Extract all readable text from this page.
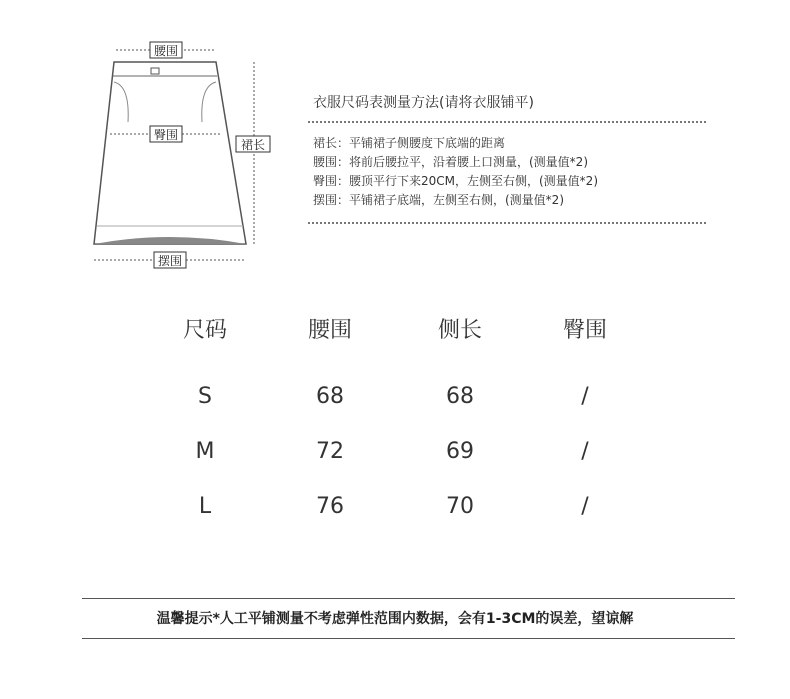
腰围
臀围
裙长
摆围
衣服尺码表测量方法(请将衣服铺平)
裙长：平铺裙子侧腰度下底端的距离
腰围：将前后腰拉平，沿着腰上口测量，(测量值*2)
臀围：腰顶平行下来20CM，左侧至右侧，(测量值*2)
摆围：平铺裙子底端，左侧至右侧，(测量值*2)
尺码	腰围	侧长	臀围
S	68	68	/
M	72	69	/
L	76	70	/
温馨提示*人工平铺测量不考虑弹性范围内数据，会有1-3CM的误差，望谅解
